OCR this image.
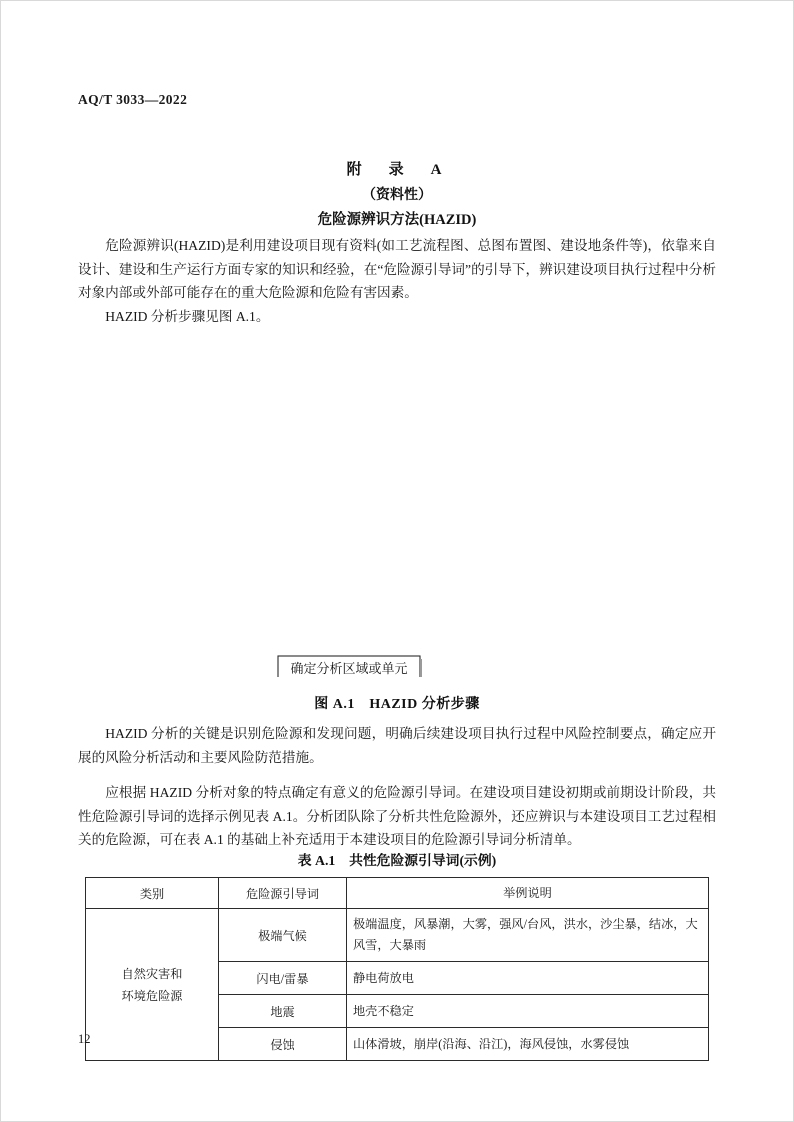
AQ/T 3033—2022
附　录　A
（资料性）
危险源辨识方法(HAZID)
危险源辨识(HAZID)是利用建设项目现有资料(如工艺流程图、总图布置图、建设地条件等)，依靠来自设计、建设和生产运行方面专家的知识和经验，在“危险源引导词”的引导下，辨识建设项目执行过程中分析对象内部或外部可能存在的重大危险源和危险有害因素。
HAZID 分析步骤见图 A.1。
确定分析区域或单元
图 A.1　HAZID 分析步骤
HAZID 分析的关键是识别危险源和发现问题，明确后续建设项目执行过程中风险控制要点，确定应开展的风险分析活动和主要风险防范措施。
应根据 HAZID 分析对象的特点确定有意义的危险源引导词。在建设项目建设初期或前期设计阶段，共性危险源引导词的选择示例见表 A.1。分析团队除了分析共性危险源外，还应辨识与本建设项目工艺过程相关的危险源，可在表 A.1 的基础上补充适用于本建设项目的危险源引导词分析清单。
表 A.1　共性危险源引导词(示例)
类别	危险源引导词	举例说明
自然灾害和
环境危险源	极端气候	极端温度，风暴潮，大雾，强风/台风，洪水，沙尘暴，结冰，大风雪，大暴雨
	闪电/雷暴	静电荷放电
	地震	地壳不稳定
	侵蚀	山体滑坡，崩岸(沿海、沿江)，海风侵蚀，水雾侵蚀
12
